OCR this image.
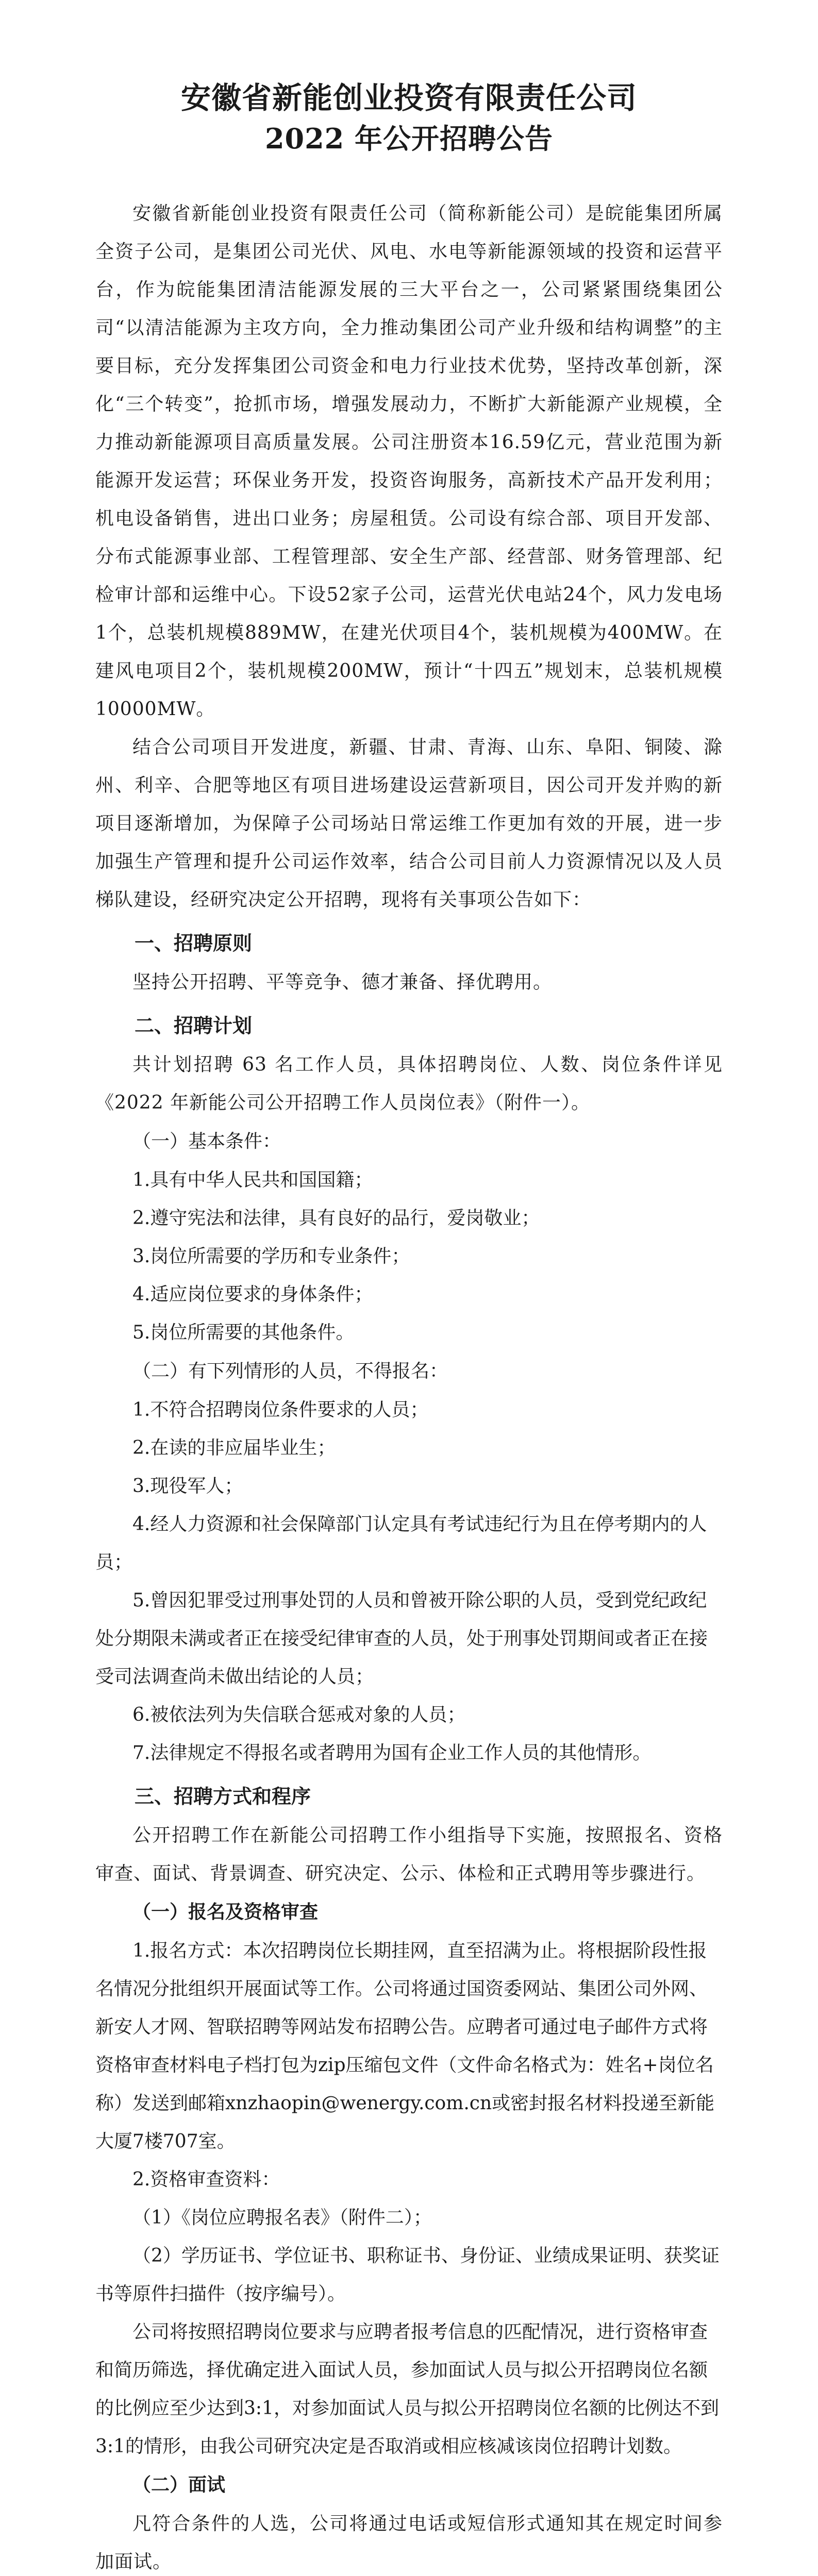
安徽省新能创业投资有限责任公司
2022 年公开招聘公告

安徽省新能创业投资有限责任公司（简称新能公司）是皖能集团所属全资子公司，是集团公司光伏、风电、水电等新能源领域的投资和运营平台，作为皖能集团清洁能源发展的三大平台之一，公司紧紧围绕集团公司“以清洁能源为主攻方向，全力推动集团公司产业升级和结构调整”的主要目标，充分发挥集团公司资金和电力行业技术优势，坚持改革创新，深化“三个转变”，抢抓市场，增强发展动力，不断扩大新能源产业规模，全力推动新能源项目高质量发展。公司注册资本16.59亿元，营业范围为新能源开发运营；环保业务开发，投资咨询服务，高新技术产品开发利用；机电设备销售，进出口业务；房屋租赁。公司设有综合部、项目开发部、分布式能源事业部、工程管理部、安全生产部、经营部、财务管理部、纪检审计部和运维中心。下设52家子公司，运营光伏电站24个，风力发电场1个，总装机规模889MW，在建光伏项目4个，装机规模为400MW。在建风电项目2个，装机规模200MW，预计“十四五”规划末，总装机规模10000MW。

结合公司项目开发进度，新疆、甘肃、青海、山东、阜阳、铜陵、滁州、利辛、合肥等地区有项目进场建设运营新项目，因公司开发并购的新项目逐渐增加，为保障子公司场站日常运维工作更加有效的开展，进一步加强生产管理和提升公司运作效率，结合公司目前人力资源情况以及人员梯队建设，经研究决定公开招聘，现将有关事项公告如下：

一、招聘原则

坚持公开招聘、平等竞争、德才兼备、择优聘用。

二、招聘计划

共计划招聘 63 名工作人员，具体招聘岗位、人数、岗位条件详见《2022 年新能公司公开招聘工作人员岗位表》（附件一）。

（一）基本条件：

1.具有中华人民共和国国籍；

2.遵守宪法和法律，具有良好的品行，爱岗敬业；

3.岗位所需要的学历和专业条件；

4.适应岗位要求的身体条件；

5.岗位所需要的其他条件。

（二）有下列情形的人员，不得报名：

1.不符合招聘岗位条件要求的人员；

2.在读的非应届毕业生；

3.现役军人；

4.经人力资源和社会保障部门认定具有考试违纪行为且在停考期内的人员；

5.曾因犯罪受过刑事处罚的人员和曾被开除公职的人员，受到党纪政纪处分期限未满或者正在接受纪律审查的人员，处于刑事处罚期间或者正在接受司法调查尚未做出结论的人员；

6.被依法列为失信联合惩戒对象的人员；

7.法律规定不得报名或者聘用为国有企业工作人员的其他情形。

三、招聘方式和程序

公开招聘工作在新能公司招聘工作小组指导下实施，按照报名、资格审查、面试、背景调查、研究决定、公示、体检和正式聘用等步骤进行。

（一）报名及资格审查

1.报名方式：本次招聘岗位长期挂网，直至招满为止。将根据阶段性报名情况分批组织开展面试等工作。公司将通过国资委网站、集团公司外网、新安人才网、智联招聘等网站发布招聘公告。应聘者可通过电子邮件方式将资格审查材料电子档打包为zip压缩包文件（文件命名格式为：姓名+岗位名称）发送到邮箱xnzhaopin@wenergy.com.cn或密封报名材料投递至新能大厦7楼707室。

2.资格审查资料：

（1）《岗位应聘报名表》（附件二）；

（2）学历证书、学位证书、职称证书、身份证、业绩成果证明、获奖证书等原件扫描件（按序编号）。

公司将按照招聘岗位要求与应聘者报考信息的匹配情况，进行资格审查和简历筛选，择优确定进入面试人员，参加面试人员与拟公开招聘岗位名额的比例应至少达到3:1，对参加面试人员与拟公开招聘岗位名额的比例达不到3:1的情形，由我公司研究决定是否取消或相应核减该岗位招聘计划数。

（二）面试

凡符合条件的人选，公司将通过电话或短信形式通知其在规定时间参加面试。
